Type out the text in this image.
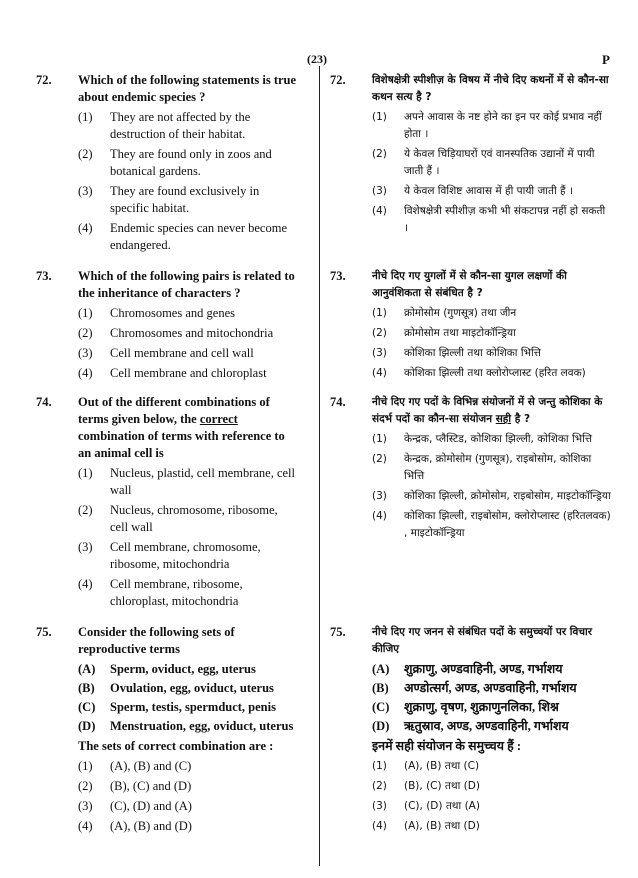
(23)	P
72. Which of the following statements is true about endemic species ?
(1) They are not affected by the destruction of their habitat.
(2) They are found only in zoos and botanical gardens.
(3) They are found exclusively in specific habitat.
(4) Endemic species can never become endangered.
73. Which of the following pairs is related to the inheritance of characters ?
(1) Chromosomes and genes
(2) Chromosomes and mitochondria
(3) Cell membrane and cell wall
(4) Cell membrane and chloroplast
74. Out of the different combinations of terms given below, the correct combination of terms with reference to an animal cell is
(1) Nucleus, plastid, cell membrane, cell wall
(2) Nucleus, chromosome, ribosome, cell wall
(3) Cell membrane, chromosome, ribosome, mitochondria
(4) Cell membrane, ribosome, chloroplast, mitochondria
75. Consider the following sets of reproductive terms
(A) Sperm, oviduct, egg, uterus
(B) Ovulation, egg, oviduct, uterus
(C) Sperm, testis, spermduct, penis
(D) Menstruation, egg, oviduct, uterus
The sets of correct combination are :
(1) (A), (B) and (C)
(2) (B), (C) and (D)
(3) (C), (D) and (A)
(4) (A), (B) and (D)
72.	विशेषक्षेत्री स्पीशीज़ के विषय में नीचे दिए कथनों में से कौन-सा कथन सत्य है ?
(1) अपने आवास के नष्ट होने का इन पर कोई प्रभाव नहीं होता ।
(2) ये केवल चिड़ियाघरों एवं वानस्पतिक उद्यानों में पायी जाती हैं ।
(3) ये केवल विशिष्ट आवास में ही पायी जाती हैं ।
(4) विशेषक्षेत्री स्पीशीज़ कभी भी संकटापन्न नहीं हो सकती ।
73.	नीचे दिए गए युगलों में से कौन-सा युगल लक्षणों की आनुवंशिकता से संबंधित है ?
(1) क्रोमोसोम (गुणसूत्र) तथा जीन
(2) क्रोमोसोम तथा माइटोकॉन्ड्रिया
(3) कोशिका झिल्ली तथा कोशिका भित्ति
(4) कोशिका झिल्ली तथा क्लोरोप्लास्ट (हरित लवक)
74.	नीचे दिए गए पदों के विभिन्न संयोजनों में से जन्तु कोशिका के संदर्भ पदों का कौन-सा संयोजन सही है ?
(1) केन्द्रक, प्लैस्टिड, कोशिका झिल्ली, कोशिका भित्ति
(2) केन्द्रक, क्रोमोसोम (गुणसूत्र), राइबोसोम, कोशिका भित्ति
(3) कोशिका झिल्ली, क्रोमोसोम, राइबोसोम, माइटोकॉन्ड्रिया
(4) कोशिका झिल्ली, राइबोसोम, क्लोरोप्लास्ट (हरितलवक) , माइटोकॉन्ड्रिया
75.	नीचे दिए गए जनन से संबंधित पदों के समुच्चयों पर विचार कीजिए
(A) शुक्राणु, अण्डवाहिनी, अण्ड, गर्भाशय
(B) अण्डोत्सर्ग, अण्ड, अण्डवाहिनी, गर्भाशय
(C) शुक्राणु, वृषण, शुक्राणुनलिका, शिश्न
(D) ऋतुस्राव, अण्ड, अण्डवाहिनी, गर्भाशय
इनमें सही संयोजन के समुच्चय हैं :
(1) (A), (B) तथा (C)
(2) (B), (C) तथा (D)
(3) (C), (D) तथा (A)
(4) (A), (B) तथा (D)
